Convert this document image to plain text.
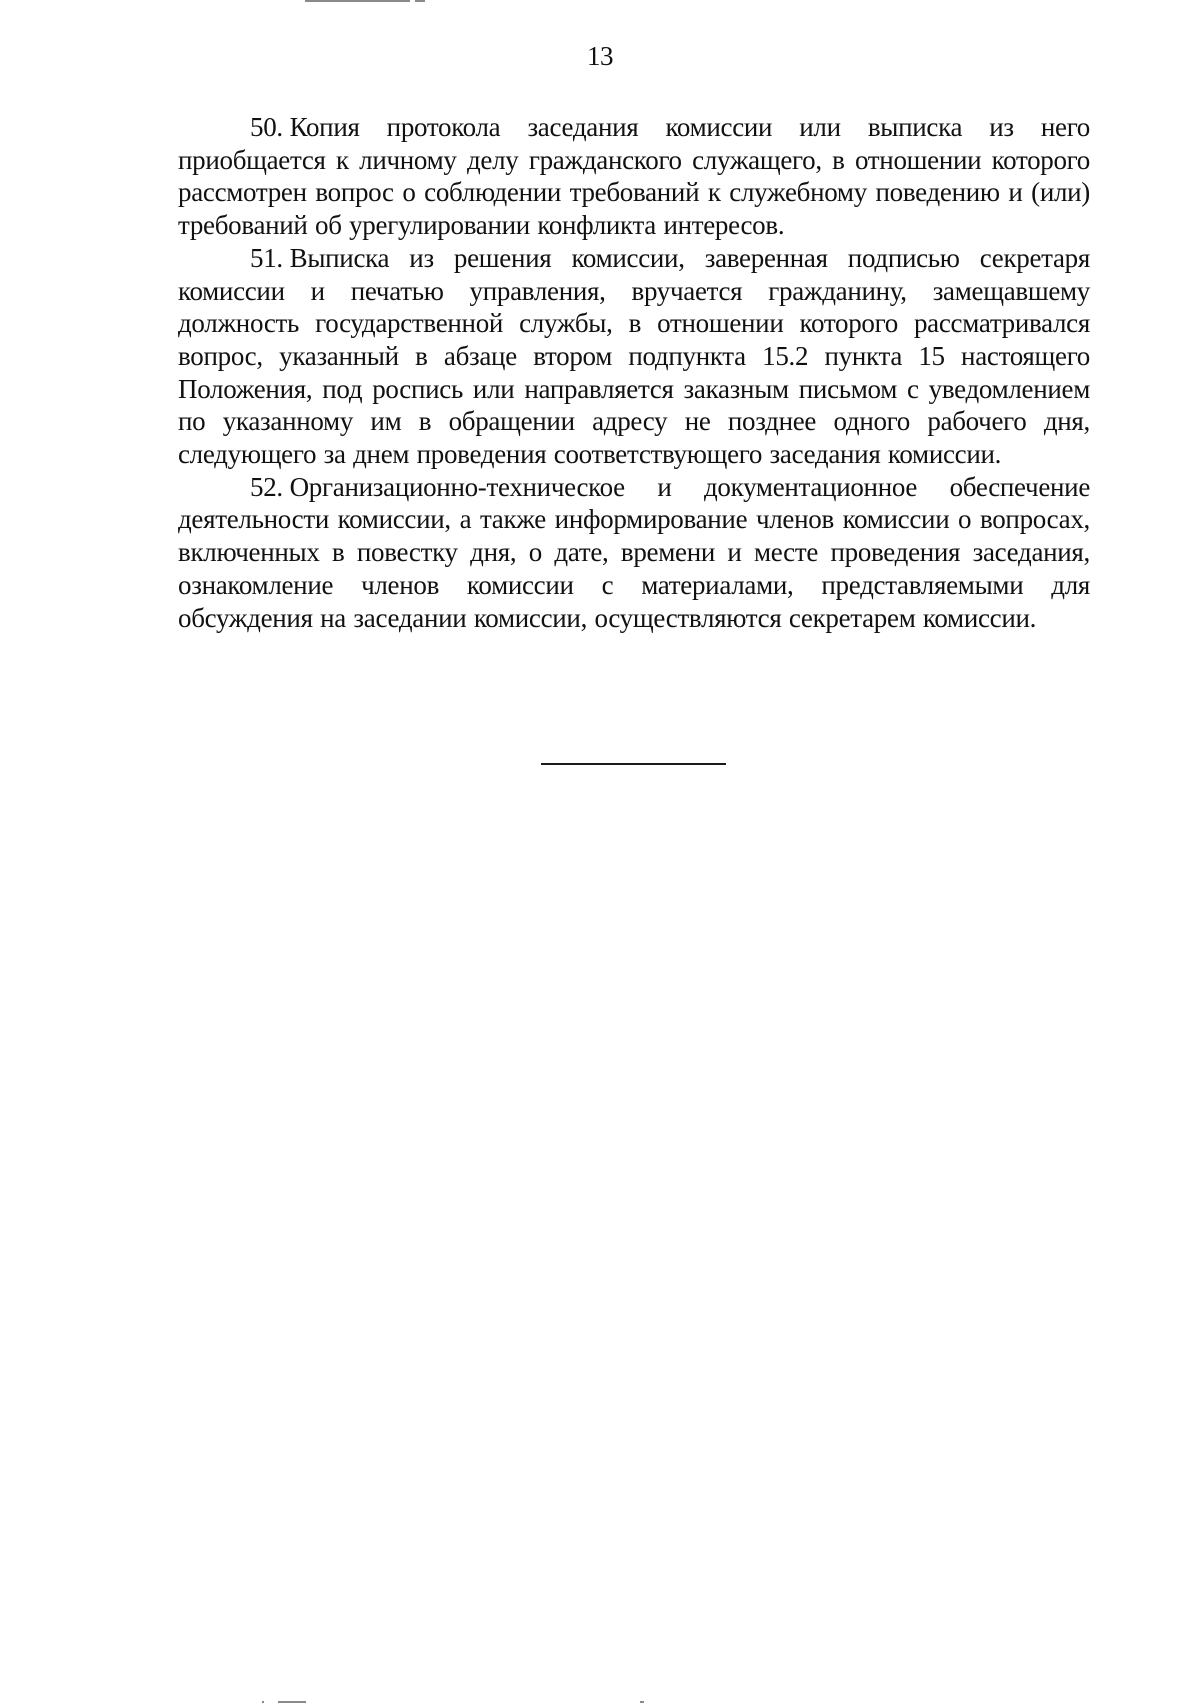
13

50. Копия протокола заседания комиссии или выписка из него приобщается к личному делу гражданского служащего, в отношении которого рассмотрен вопрос о соблюдении требований к служебному поведению и (или) требований об урегулировании конфликта интересов.

51. Выписка из решения комиссии, заверенная подписью секретаря комиссии и печатью управления, вручается гражданину, замещавшему должность государственной службы, в отношении которого рассматривался вопрос, указанный в абзаце втором подпункта 15.2 пункта 15 настоящего Положения, под роспись или направляется заказным письмом с уведомлением по указанному им в обращении адресу не позднее одного рабочего дня, следующего за днем проведения соответствующего заседания комиссии.

52. Организационно-техническое и документационное обеспечение деятельности комиссии, а также информирование членов комиссии о вопросах, включенных в повестку дня, о дате, времени и месте проведения заседания, ознакомление членов комиссии с материалами, представляемыми для обсуждения на заседании комиссии, осуществляются секретарем комиссии.
